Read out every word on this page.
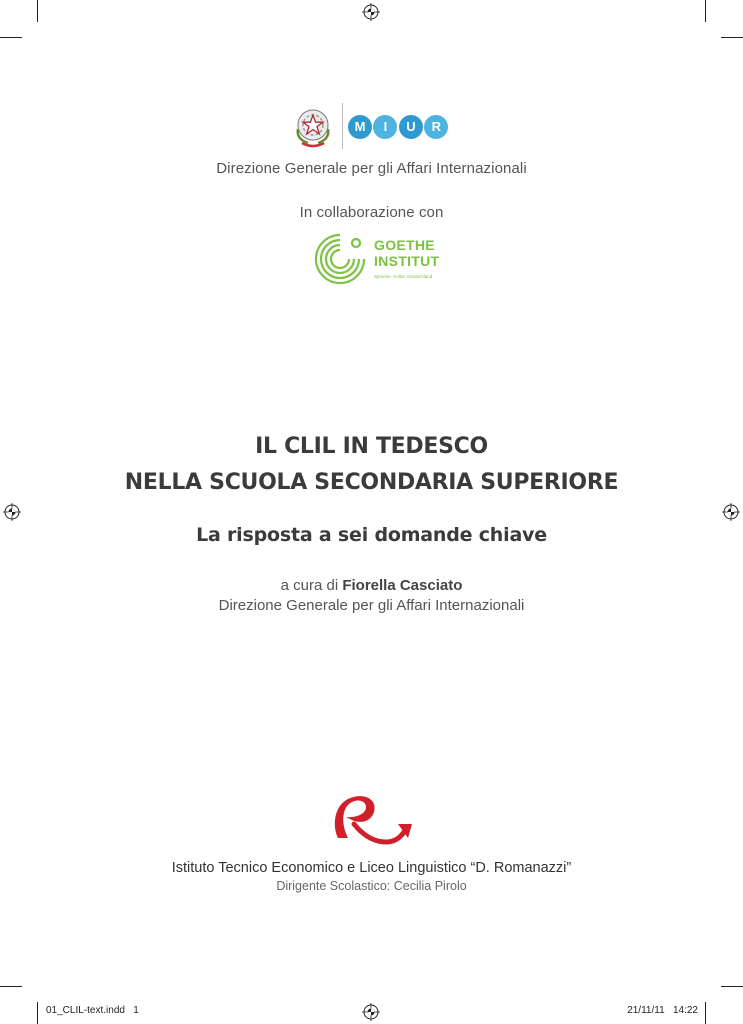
M I U R
Direzione Generale per gli Affari Internazionali
In collaborazione con
GOETHE
INSTITUT
Sprache. Kultur. Deutschland.
IL CLIL IN TEDESCO
NELLA SCUOLA SECONDARIA SUPERIORE
La risposta a sei domande chiave
a cura di Fiorella Casciato
Direzione Generale per gli Affari Internazionali
Istituto Tecnico Economico e Liceo Linguistico “D. Romanazzi”
Dirigente Scolastico: Cecilia Pirolo
01_CLIL-text.indd   1	21/11/11   14:22
